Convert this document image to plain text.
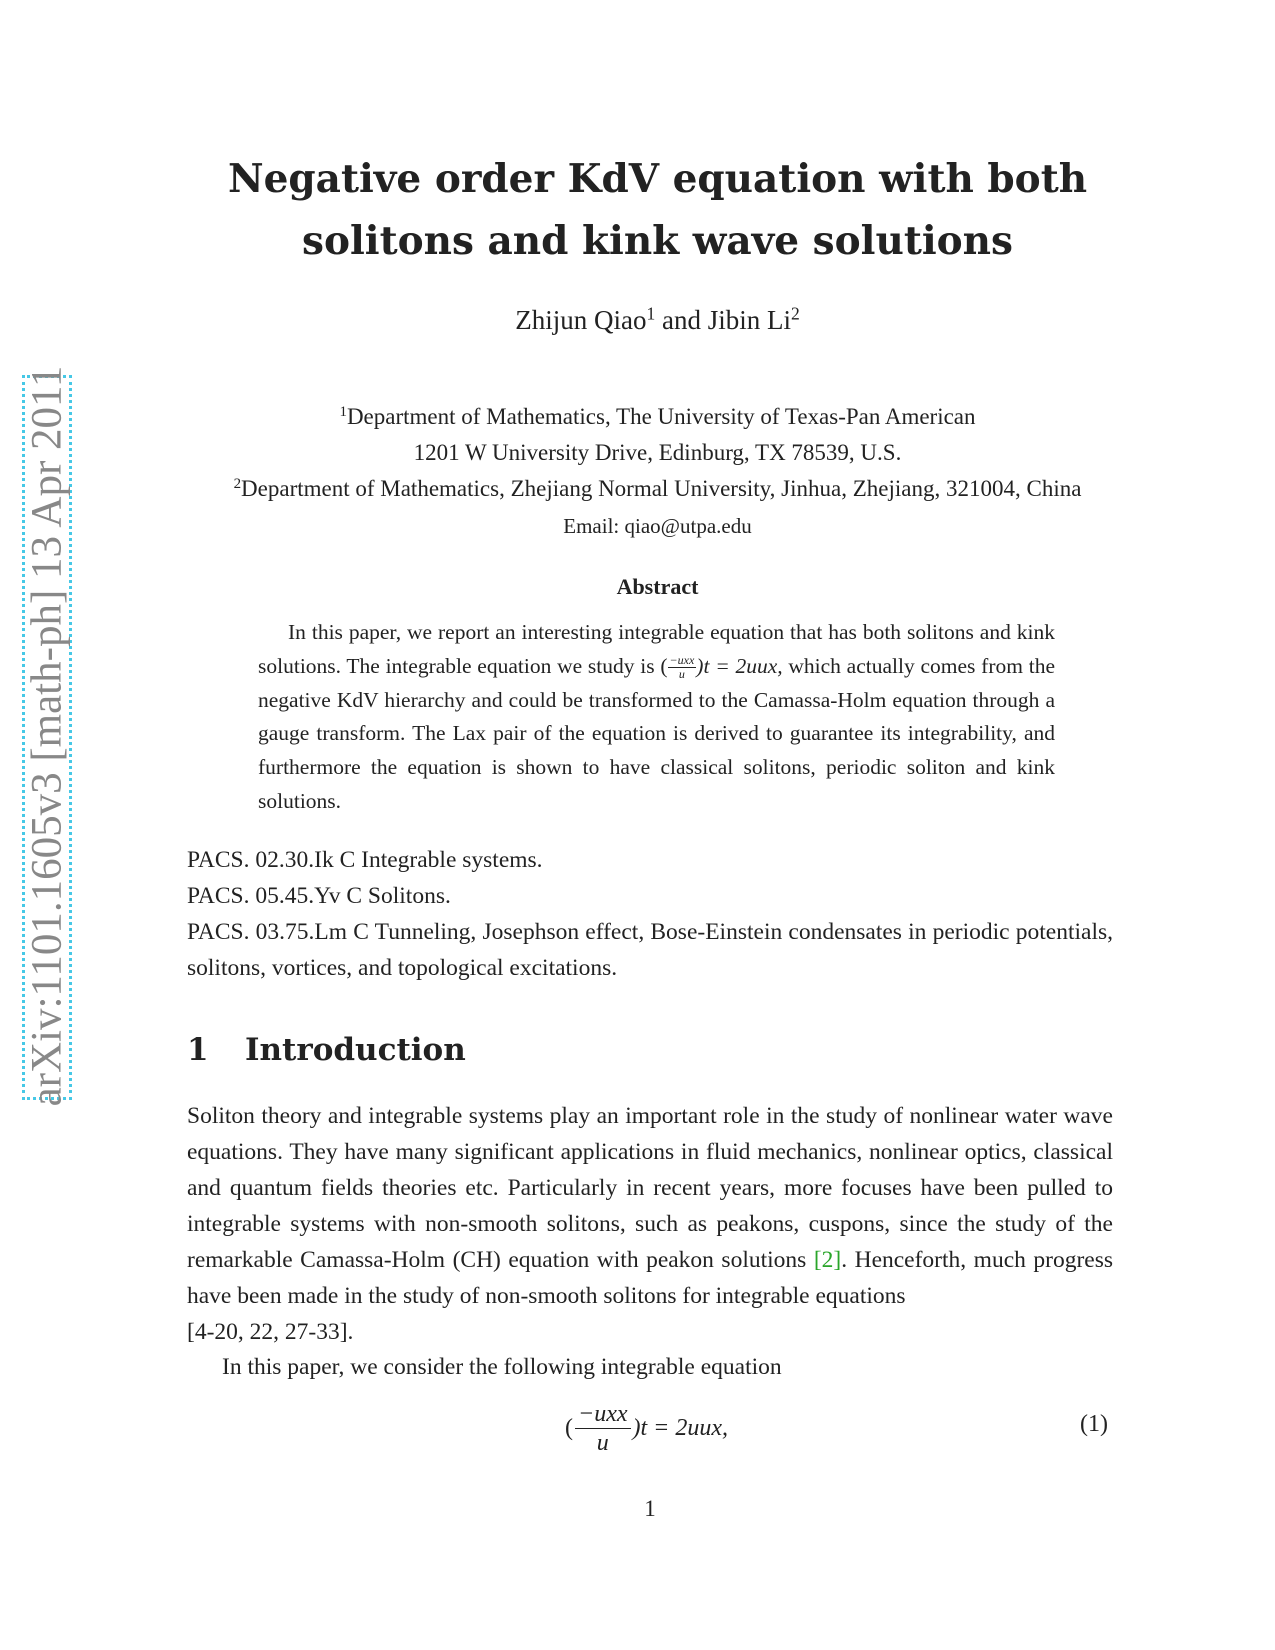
arXiv:1101.1605v3 [math-ph] 13 Apr 2011
Negative order KdV equation with both solitons and kink wave solutions
Zhijun Qiao$^1$ and Jibin Li$^2$
$^1$Department of Mathematics, The University of Texas-Pan American
1201 W University Drive, Edinburg, TX 78539, U.S.
$^2$Department of Mathematics, Zhejiang Normal University, Jinhua, Zhejiang, 321004, China
Email: qiao@utpa.edu
Abstract
In this paper, we report an interesting integrable equation that has both solitons and kink solutions. The integrable equation we study is ( $\frac{\text{−uxx}}{u} )t = 2uux$, which actually comes from the negative KdV hierarchy and could be transformed to the Camassa-Holm equation through a gauge transform. The Lax pair of the equation is derived to guarantee its integrability, and furthermore the equation is shown to have classical solitons, periodic soliton and kink solutions.

PACS. 02.30.Ik C Integrable systems.

PACS. 05.45.Yv C Solitons.

PACS. 03.75.Lm C Tunneling, Josephson effect, Bose-Einstein condensates in periodic potentials, solitons, vortices, and topological excitations.

1 Introduction

Soliton theory and integrable systems play an important role in the study of nonlinear water wave equations. They have many significant applications in fluid mechanics, nonlinear optics, classical and quantum fields theories etc. Particularly in recent years, more focuses have been pulled to integrable systems with non-smooth solitons, such as peakons, cuspons, since the study of the remarkable Camassa-Holm (CH) equation with peakon solutions [2]. Henceforth, much progress have been made in the study of non-smooth solitons for integrable equations
[4-20, 22, 27-33].

In this paper, we consider the following integrable equation

( $\frac{\text{−uxx}}{u} )t = 2uux$,	(1)
1
